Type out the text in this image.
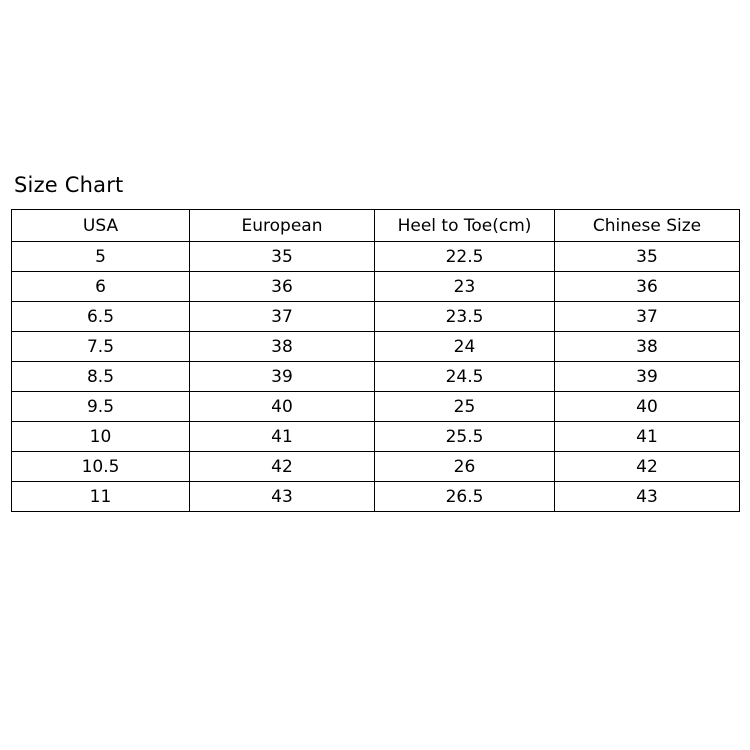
Size Chart
USA	European	Heel to Toe(cm)	Chinese Size
5	35	22.5	35
6	36	23	36
6.5	37	23.5	37
7.5	38	24	38
8.5	39	24.5	39
9.5	40	25	40
10	41	25.5	41
10.5	42	26	42
11	43	26.5	43
